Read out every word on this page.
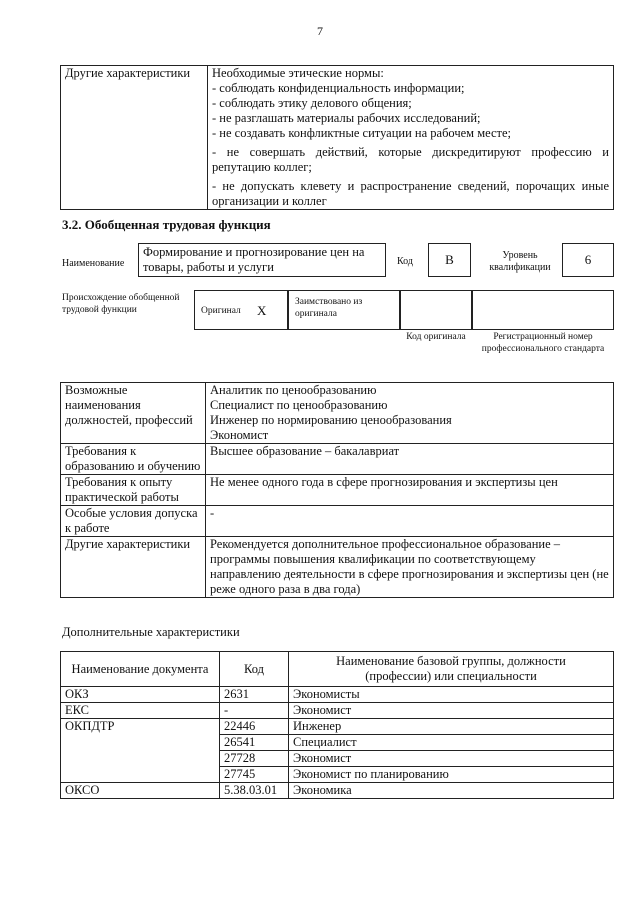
7
Другие характеристики	Необходимые этические нормы:
- соблюдать конфиденциальность информации;
- соблюдать этику делового общения;
- не разглашать материалы рабочих исследований;
- не создавать конфликтные ситуации на рабочем месте;
- не совершать действий, которые дискредитируют профессию и репутацию коллег;
- не допускать клевету и распространение сведений, порочащих иные организации и коллег
3.2. Обобщенная трудовая функция
Наименование
Формирование и прогнозирование цен на товары, работы и услуги	Код	В	Уровень квалификации	6
Происхождение обобщенной трудовой функции	Оригинал X
Заимствовано из оригинала
Код оригинала	Регистрационный номер профессионального стандарта
Возможные наименования должностей, профессий	Аналитик по ценообразованию
Специалист по ценообразованию
Инженер по нормированию ценообразования
Экономист

Требования к образованию и обучению	Высшее образование – бакалавриат
Требования к опыту практической работы	Не менее одного года в сфере прогнозирования и экспертизы цен
Особые условия допуска к работе	-
Другие характеристики	Рекомендуется дополнительное профессиональное образование – программы повышения квалификации по соответствующему направлению деятельности в сфере прогнозирования и экспертизы цен (не реже одного раза в два года)
Дополнительные характеристики
Наименование документа	Код	Наименование базовой группы, должности (профессии) или специальности
ОКЗ	2631	Экономисты
ЕКС	-	Экономист
ОКПДТР	22446	Инженер
	26541	Специалист
	27728	Экономист
	27745	Экономист по планированию
ОКСО	5.38.03.01	Экономика
